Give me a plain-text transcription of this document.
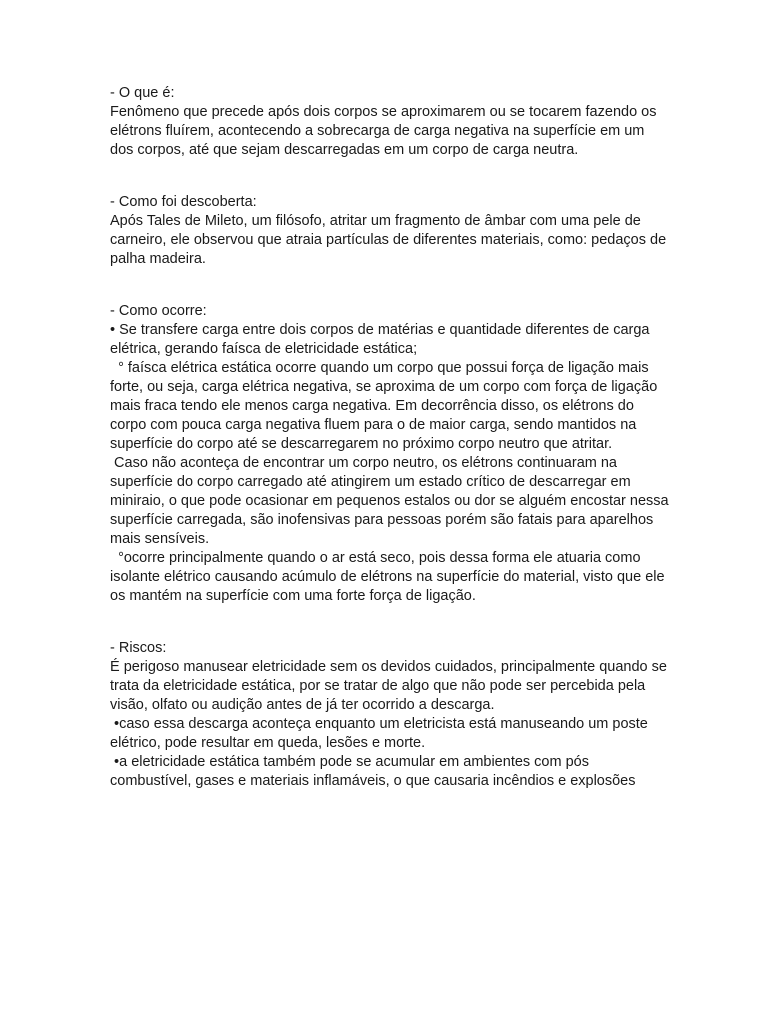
- O que é:

Fenômeno que precede após dois corpos se aproximarem ou se tocarem fazendo os elétrons fluírem, acontecendo a sobrecarga de carga negativa na superfície em um dos corpos, até que sejam descarregadas em um corpo de carga neutra.

- Como foi descoberta:

Após Tales de Mileto, um filósofo, atritar um fragmento de âmbar com uma pele de carneiro, ele observou que atraia partículas de diferentes materiais, como: pedaços de palha madeira.

- Como ocorre:

• Se transfere carga entre dois corpos de matérias e quantidade diferentes de carga elétrica, gerando faísca de eletricidade estática;

° faísca elétrica estática ocorre quando um corpo que possui força de ligação mais forte, ou seja, carga elétrica negativa, se aproxima de um corpo com força de ligação mais fraca tendo ele menos carga negativa. Em decorrência disso, os elétrons do corpo com pouca carga negativa fluem para o de maior carga, sendo mantidos na superfície do corpo até se descarregarem no próximo corpo neutro que atritar.

Caso não aconteça de encontrar um corpo neutro, os elétrons continuaram na superfície do corpo carregado até atingirem um estado crítico de descarregar em miniraio, o que pode ocasionar em pequenos estalos ou dor se alguém encostar nessa superfície carregada, são inofensivas para pessoas porém são fatais para aparelhos mais sensíveis.

°ocorre principalmente quando o ar está seco, pois dessa forma ele atuaria como isolante elétrico causando acúmulo de elétrons na superfície do material, visto que ele os mantém na superfície com uma forte força de ligação.

- Riscos:

É perigoso manusear eletricidade sem os devidos cuidados, principalmente quando se trata da eletricidade estática, por se tratar de algo que não pode ser percebida pela visão, olfato ou audição antes de já ter ocorrido a descarga.

•caso essa descarga aconteça enquanto um eletricista está manuseando um poste elétrico, pode resultar em queda, lesões e morte.

•a eletricidade estática também pode se acumular em ambientes com pós combustível, gases e materiais inflamáveis, o que causaria incêndios e explosões
